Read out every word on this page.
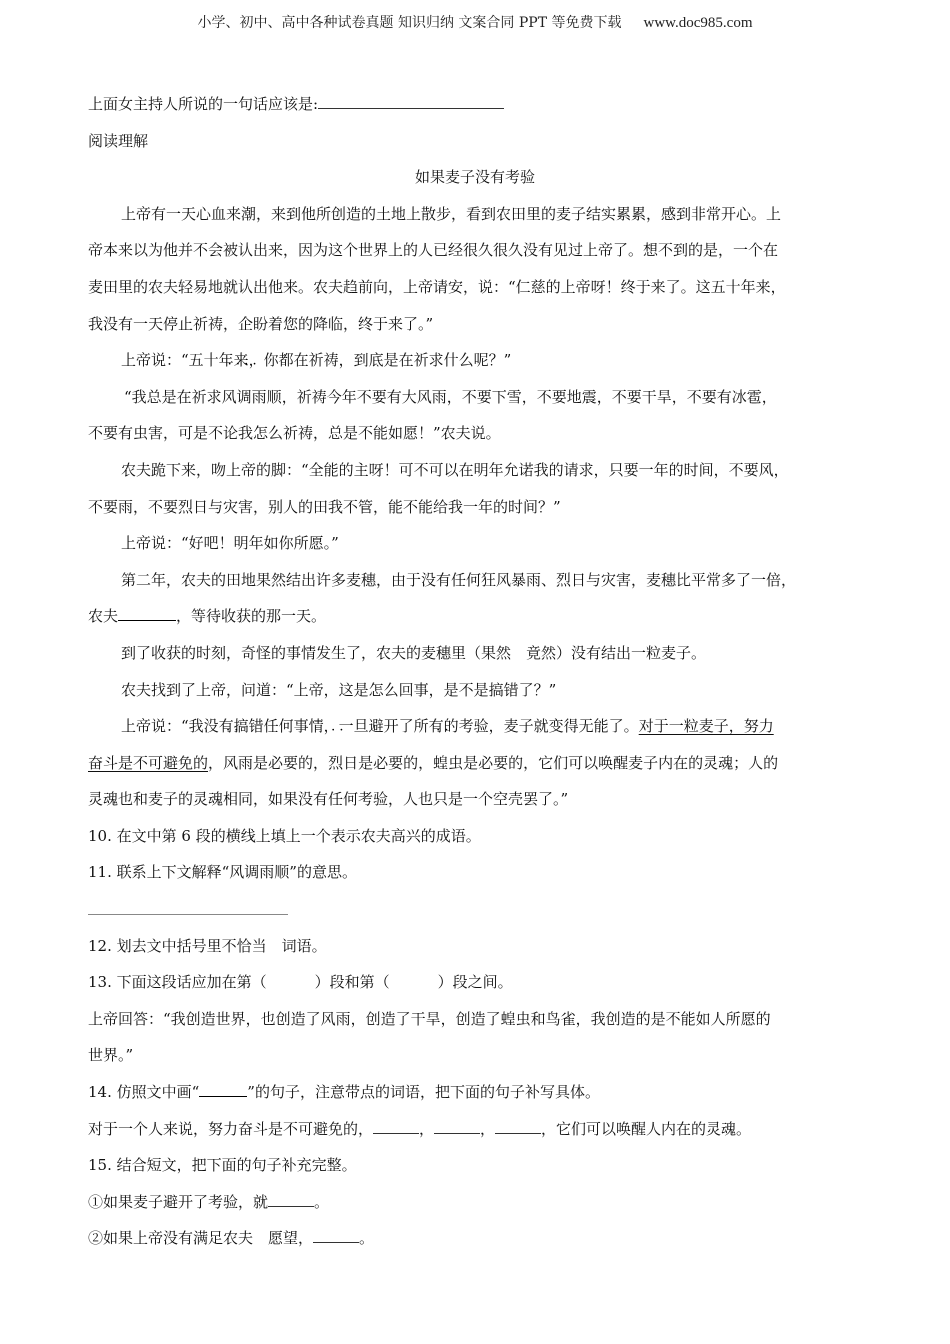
小学、初中、高中各种试卷真题 知识归纳 文案合同 PPT 等免费下载 www.doc985.com
上面女主持人所说的一句话应该是:
阅读理解
如果麦子没有考验
上帝有一天心血来潮，来到他所创造的土地上散步，看到农田里的麦子结实累累，感到非常开心。上
帝本来以为他并不会被认出来，因为这个世界上的人已经很久很久没有见过上帝了。想不到的是，一个在
麦田里的农夫轻易地就认出他来。农夫趋前向，上帝请安，说：“仁慈的上帝呀！终于来了。这五十年来，
我没有一天停止祈祷，企盼着您的降临，终于来了。”
上帝说：“五十年来，你都在祈祷，到底是在祈求什么呢？”
“我总是在祈求· · · · 风调雨顺，祈祷今年不要有大风雨，不要下雪，不要地震，不要干旱，不要有冰雹，
不要有虫害，可是不论我怎么祈祷，总是不能如愿！”农夫说。
农夫跪下来，吻上帝的脚：“全能的主呀！可不可以在明年允诺我的请求，只要一年的时间，不要风，
不要雨，不要烈日与灾害，别人的田我不管，能不能给我一年的时间？”
上帝说：“好吧！明年如你所愿。”
第二年，农夫的田地果然结出许多麦穗，由于没有任何狂风暴雨、烈日与灾害，麦穗比平常多了一倍，
农夫	，等待收获的那一天。
到了收获的时刻，奇怪的事情发生了，农夫的麦穗里（果然　竟然）没有结出一粒麦子。
农夫找到了上帝，问道：“上帝，这是怎么回事，是不是搞错了？”
上帝说：“我没有搞错任何事情，一旦避开了所有的考验，麦子就变得无能了。对于一粒麦子，努力
奋斗是不可避免的，· · 风雨是必要的，· · 烈日是必要的，· · 蝗虫是必要的，它们可以唤醒麦子内在的灵魂；人的
灵魂也和麦子的灵魂相同，如果没有任何考验，人也只是一个空壳罢了。”
10. 在文中第 6 段的横线上填上一个表示农夫高兴的成语。
11. 联系上下文解释“风调雨顺”的意思。
12. 划去文中括号里不恰当　词语。
13. 下面这段话应加在第（	）段和第（	）段之间。
上帝回答：“我创造世界，也创造了风雨，创造了干旱，创造了蝗虫和鸟雀，我创造的是不能如人所愿的
世界。”
14. 仿照文中画“	”的句子，注意带点的词语，把下面的句子补写具体。
对于一个人来说，努力奋斗是不可避免的，	，	，	，它们可以唤醒人内在的灵魂。
15. 结合短文，把下面的句子补充完整。
①如果麦子避开了考验，就	。
②如果上帝没有满足农夫　愿望，	。
